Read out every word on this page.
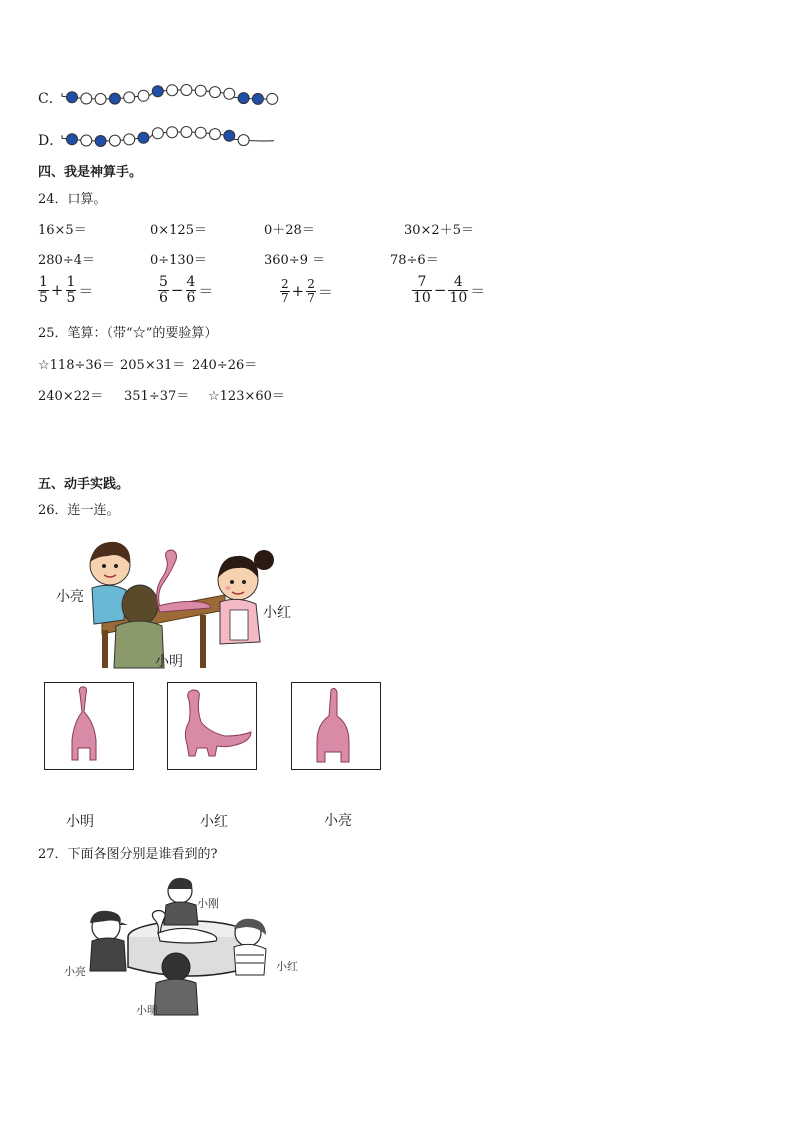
C．
D．
四、我是神算手。
24．口算。
16×5＝	0×125＝	0＋28＝	30×2＋5＝
280÷4＝	0÷130＝	360÷9 ＝	78÷6＝
$\frac{1}{5} + \frac{1}{5}$ ＝	$\frac{5}{6} - \frac{4}{6}$ ＝	$\frac{2}{7} + \frac{2}{7}$ ＝	$\frac{7}{10} - \frac{4}{10}$ ＝
25．笔算：（带“☆”的要验算）
☆118÷36＝ 205×31＝ 240÷26＝
240×22＝ 351÷37＝ ☆123×60＝
五、动手实践。
26．连一连。
小亮
小红
小明
小明	小红	小亮
27．下面各图分别是谁看到的?
小刚
小亮	小红
小明
